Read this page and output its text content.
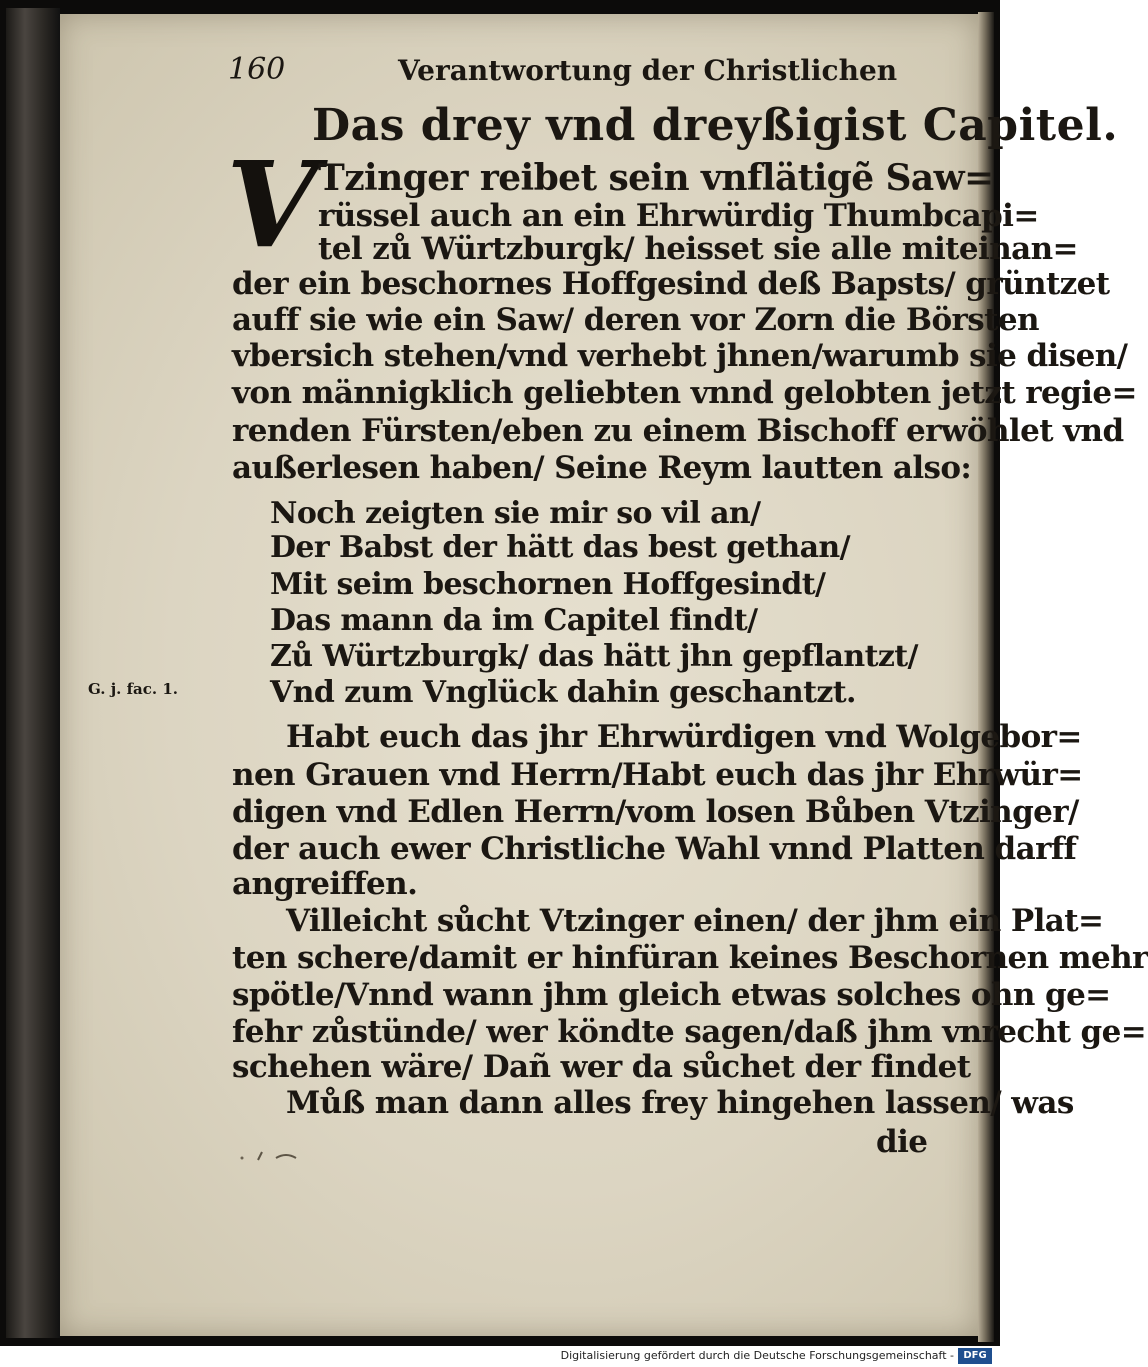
160	Verantwortung der Christlichen
Das drey vnd dreyßigist Capitel.
V Tzinger reibet sein vnflätigẽ Saw=
rüssel auch an ein Ehrwürdig Thumbcapi=
tel zů Würtzburgk/ heisset sie alle miteinan=
der ein beschornes Hoffgesind deß Bapsts/ grüntzet
auff sie wie ein Saw/ deren vor Zorn die Börsten
vbersich stehen/vnd verhebt jhnen/warumb sie disen/
von männigklich geliebten vnnd gelobten jetzt regie=
renden Fürsten/eben zu einem Bischoff erwöhlet vnd
außerlesen haben/ Seine Reym lautten also:
Noch zeigten sie mir so vil an/
Der Babst der hätt das best gethan/
Mit seim beschornen Hoffgesindt/
Das mann da im Capitel findt/
Zů Würtzburgk/ das hätt jhn gepflantzt/
Vnd zum Vnglück dahin geschantzt.
G. j. fac. 1.
Habt euch das jhr Ehrwürdigen vnd Wolgebor=
nen Grauen vnd Herrn/Habt euch das jhr Ehrwür=
digen vnd Edlen Herrn/vom losen Bůben Vtzinger/
der auch ewer Christliche Wahl vnnd Platten darff
angreiffen.
Villeicht sůcht Vtzinger einen/ der jhm ein Plat=
ten schere/damit er hinfüran keines Beschornen mehr
spötle/Vnnd wann jhm gleich etwas solches ohn ge=
fehr zůstünde/ wer köndte sagen/daß jhm vnrecht ge=
schehen wäre/ Dañ wer da sůchet der findet
Můß man dann alles frey hingehen lassen/ was
die
Digitalisierung gefördert durch die Deutsche Forschungsgemeinschaft - DFG
